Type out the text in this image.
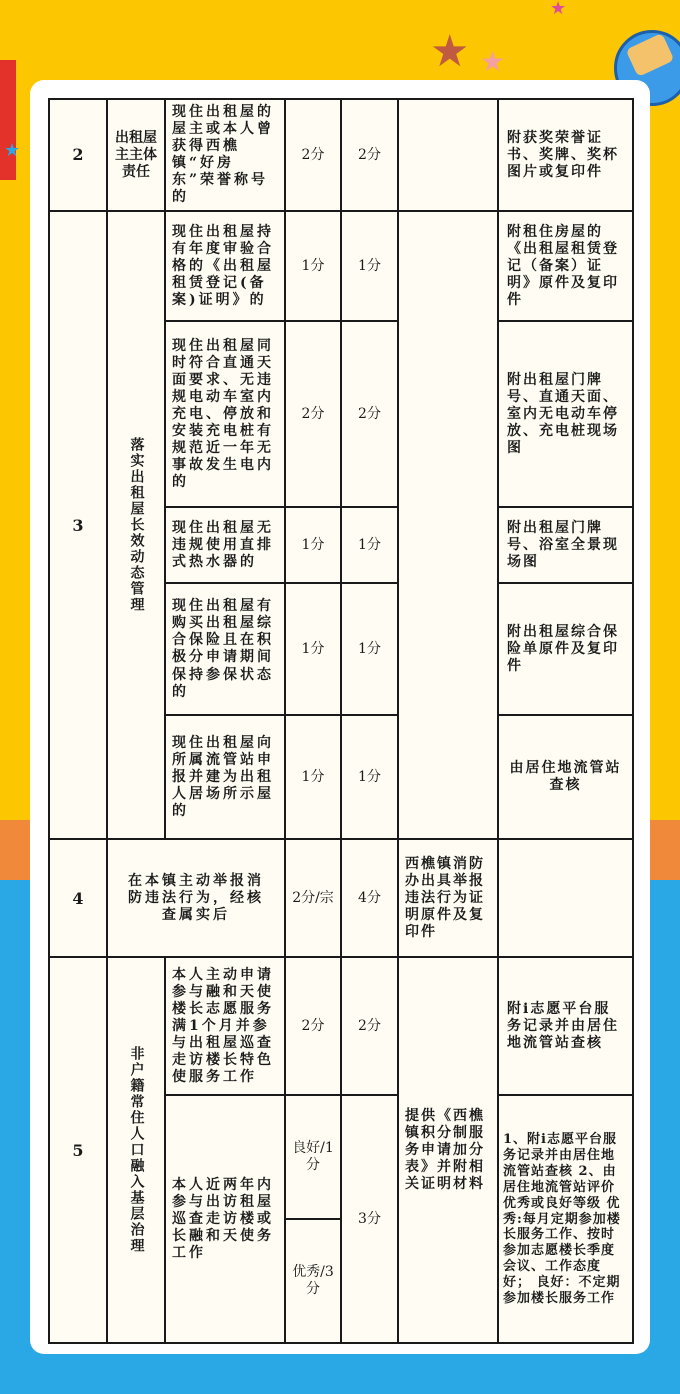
★ ★
★
★
2	出租屋主主体责任	现住出租屋的屋主或本人曾获得西樵镇“好房东”荣誉称号的	2分	2分		附获奖荣誉证书、奖牌、奖杯图片或复印件
3	落实出租屋长效动态管理	现住出租屋持有年度审验合格的《出租屋租赁登记(备案)证明》的	1分	1分		附租住房屋的《出租屋租赁登记（备案）证明》原件及复印件
		现住出租屋同时符合直通天面要求、无违规电动车室内充电、停放和安装充电桩有规范近一年无事故发生电内的	2分	2分		附出租屋门牌号、直通天面、室内无电动车停放、充电桩现场图
		现住出租屋无违规使用直排式热水器的	1分	1分		附出租屋门牌号、浴室全景现场图
		现住出租屋有购买出租屋综合保险且在积极分申请期间保持参保状态的	1分	1分		附出租屋综合保险单原件及复印件
		现住出租屋向所属流管站申报并建为出租人居场所示屋的	1分	1分		由居住地流管站查核
4	在本镇主动举报消防违法行为，经核查属实后		2分/宗	4分	西樵镇消防办出具举报违法行为证明原件及复印件	
5	非户籍常住人口融入基层治理	本人主动申请参与融和天使楼长志愿服务满1个月并参与出租屋巡查走访楼长特色使服务工作	2分	2分	提供《西樵镇积分制服务申请加分表》并附相关证明材料	附i志愿平台服务记录并由居住地流管站查核
		本人近两年内参与出访租屋巡查走访楼或长融和天使务工作	良好/1分	3分		1、附i志愿平台服务记录并由居住地流管站查核 2、由居住地流管站评价优秀或良好等级 优秀:每月定期参加楼长服务工作、按时参加志愿楼长季度会议、工作态度好； 良好：不定期参加楼长服务工作
			优秀/3分			
